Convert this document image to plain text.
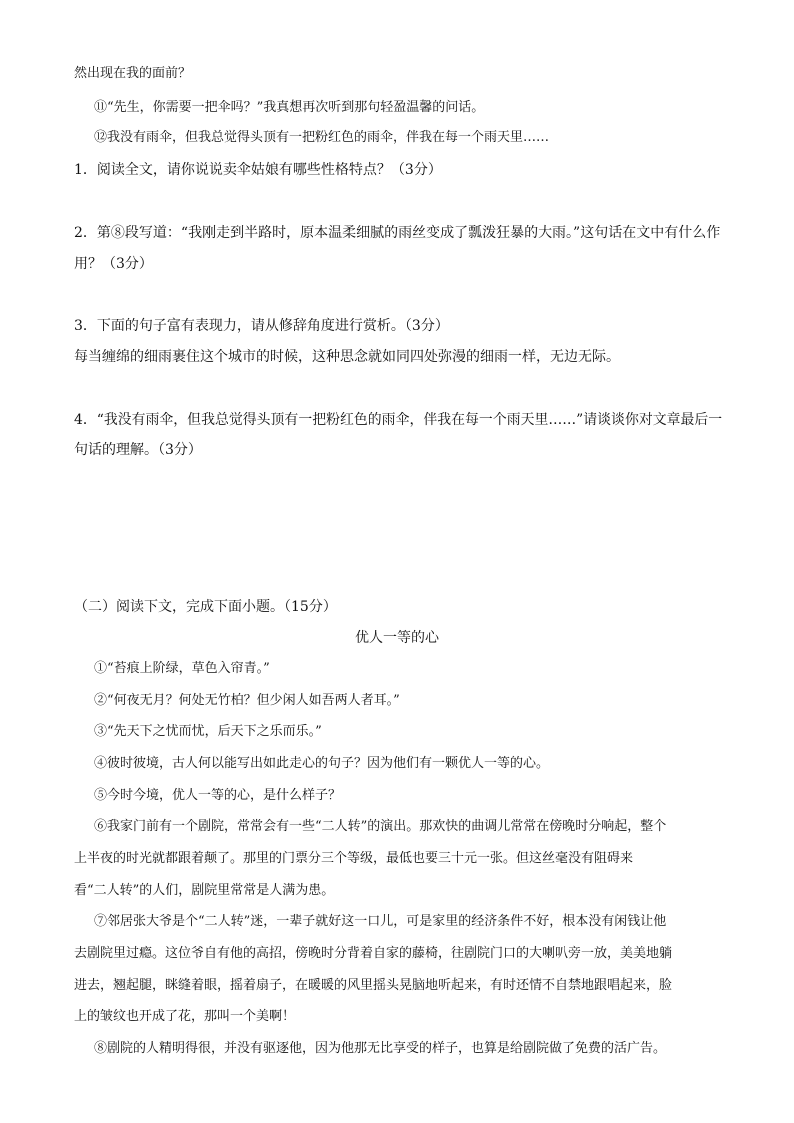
然出现在我的面前？
⑪“先生，你需要一把伞吗？”我真想再次听到那句轻盈温馨的问话。
⑫我没有雨伞，但我总觉得头顶有一把粉红色的雨伞，伴我在每一个雨天里……
1．阅读全文，请你说说卖伞姑娘有哪些性格特点？（3分）
2．第⑧段写道：“我刚走到半路时，原本温柔细腻的雨丝变成了瓢泼狂暴的大雨。”这句话在文中有什么作
用？（3分）
3．下面的句子富有表现力，请从修辞角度进行赏析。（3分）
每当缠绵的细雨裹住这个城市的时候，这种思念就如同四处弥漫的细雨一样，无边无际。
4．“我没有雨伞，但我总觉得头顶有一把粉红色的雨伞，伴我在每一个雨天里……”请谈谈你对文章最后一
句话的理解。（3分）
（二）阅读下文，完成下面小题。（15分）
优人一等的心
①“苔痕上阶绿，草色入帘青。”
②“何夜无月？何处无竹柏？但少闲人如吾两人者耳。”
③“先天下之忧而忧，后天下之乐而乐。”
④彼时彼境，古人何以能写出如此走心的句子？因为他们有一颗优人一等的心。
⑤今时今境，优人一等的心，是什么样子？
⑥我家门前有一个剧院，常常会有一些“二人转”的演出。那欢快的曲调儿常常在傍晚时分响起，整个
上半夜的时光就都跟着颠了。那里的门票分三个等级，最低也要三十元一张。但这丝毫没有阻碍来
看“二人转”的人们，剧院里常常是人满为患。
⑦邻居张大爷是个“二人转”迷，一辈子就好这一口儿，可是家里的经济条件不好，根本没有闲钱让他
去剧院里过瘾。这位爷自有他的高招，傍晚时分背着自家的藤椅，往剧院门口的大喇叭旁一放，美美地躺
进去，翘起腿，眯缝着眼，摇着扇子，在暖暖的风里摇头晃脑地听起来，有时还情不自禁地跟唱起来，脸
上的皱纹也开成了花，那叫一个美啊！
⑧剧院的人精明得很，并没有驱逐他，因为他那无比享受的样子，也算是给剧院做了免费的活广告。
